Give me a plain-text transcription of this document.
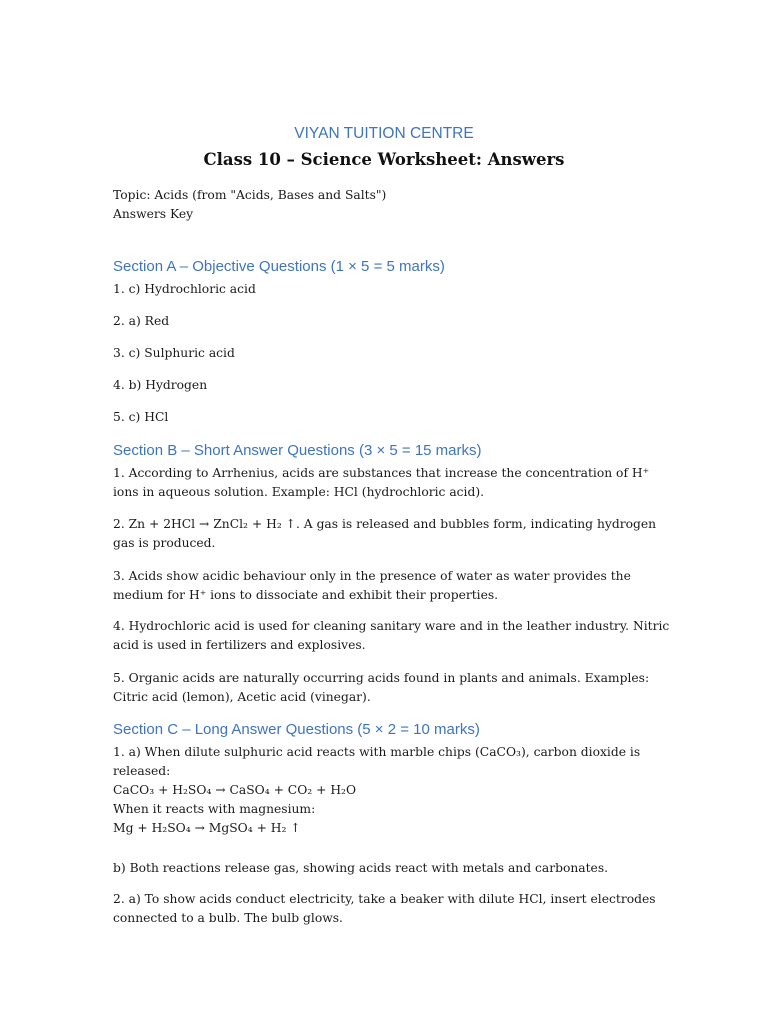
VIYAN TUITION CENTRE
Class 10 – Science Worksheet: Answers
Topic: Acids (from "Acids, Bases and Salts")
Answers Key
Section A – Objective Questions (1 × 5 = 5 marks)
1. c) Hydrochloric acid
2. a) Red
3. c) Sulphuric acid
4. b) Hydrogen
5. c) HCl
Section B – Short Answer Questions (3 × 5 = 15 marks)
1. According to Arrhenius, acids are substances that increase the concentration of H⁺ ions in aqueous solution. Example: HCl (hydrochloric acid).
2. Zn + 2HCl → ZnCl₂ + H₂ ↑. A gas is released and bubbles form, indicating hydrogen gas is produced.
3. Acids show acidic behaviour only in the presence of water as water provides the medium for H⁺ ions to dissociate and exhibit their properties.
4. Hydrochloric acid is used for cleaning sanitary ware and in the leather industry. Nitric acid is used in fertilizers and explosives.
5. Organic acids are naturally occurring acids found in plants and animals. Examples: Citric acid (lemon), Acetic acid (vinegar).
Section C – Long Answer Questions (5 × 2 = 10 marks)
1. a) When dilute sulphuric acid reacts with marble chips (CaCO₃), carbon dioxide is
released:
CaCO₃ + H₂SO₄ → CaSO₄ + CO₂ + H₂O
When it reacts with magnesium:
Mg + H₂SO₄ → MgSO₄ + H₂ ↑
b) Both reactions release gas, showing acids react with metals and carbonates.
2. a) To show acids conduct electricity, take a beaker with dilute HCl, insert electrodes connected to a bulb. The bulb glows.
